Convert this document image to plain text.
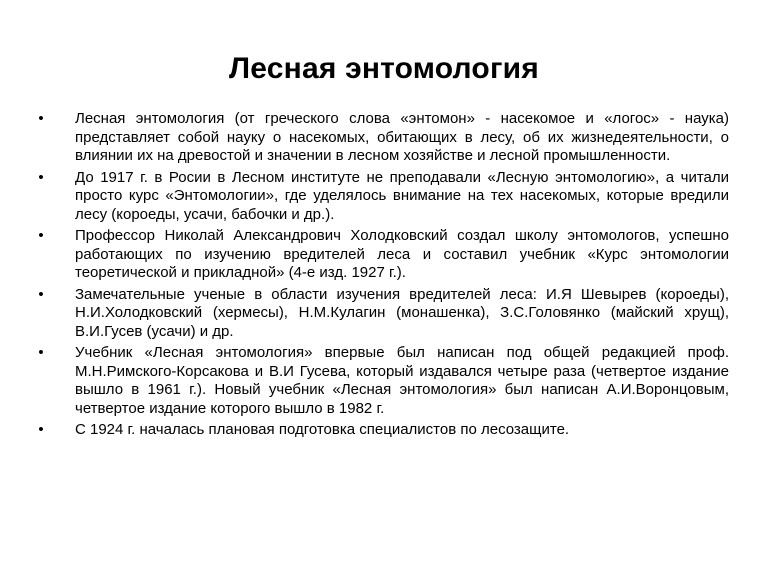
Лесная энтомология
• Лесная энтомология (от греческого слова «энтомон» - насекомое и «логос» - наука) представляет собой науку о насекомых, обитающих в лесу, об их жизнедеятельности, о влиянии их на древостой и значении в лесном хозяйстве и лесной промышленности.
• До 1917 г. в Росии в Лесном институте не преподавали «Лесную энтомологию», а читали просто курс «Энтомологии», где уделялось внимание на тех насекомых, которые вредили лесу (короеды, усачи, бабочки и др.).
• Профессор Николай Александрович Холодковский создал школу энтомологов, успешно работающих по изучению вредителей леса и составил учебник «Курс энтомологии теоретической и прикладной» (4-е изд. 1927 г.).
• Замечательные ученые в области изучения вредителей леса: И.Я Шевырев (короеды), Н.И.Холодковский (хермесы), Н.М.Кулагин (монашенка), З.С.Головянко (майский хрущ), В.И.Гусев (усачи) и др.
• Учебник «Лесная энтомология» впервые был написан под общей редакцией проф. М.Н.Римского-Корсакова и В.И Гусева, который издавался четыре раза (четвертое издание вышло в 1961 г.). Новый учебник «Лесная энтомология» был написан А.И.Воронцовым, четвертое издание которого вышло в 1982 г.
• С 1924 г. началась плановая подготовка специалистов по лесозащите.
